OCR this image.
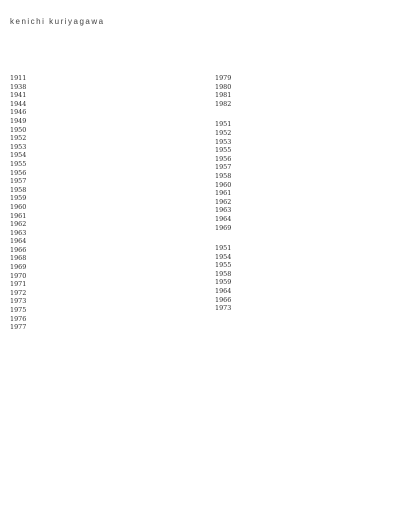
kenichi kuriyagawa
1911
1938
1941
1944
1946
1949
1950
1952
1953
1954
1955
1956
1957
1958
1959
1960
1961
1962
1963
1964
1966
1968
1969
1970
1971
1972
1973
1975
1976
1977
1979
1980
1981
1982
1951
1952
1953
1955
1956
1957
1958
1960
1961
1962
1963
1964
1969
1951
1954
1955
1958
1959
1964
1966
1973
